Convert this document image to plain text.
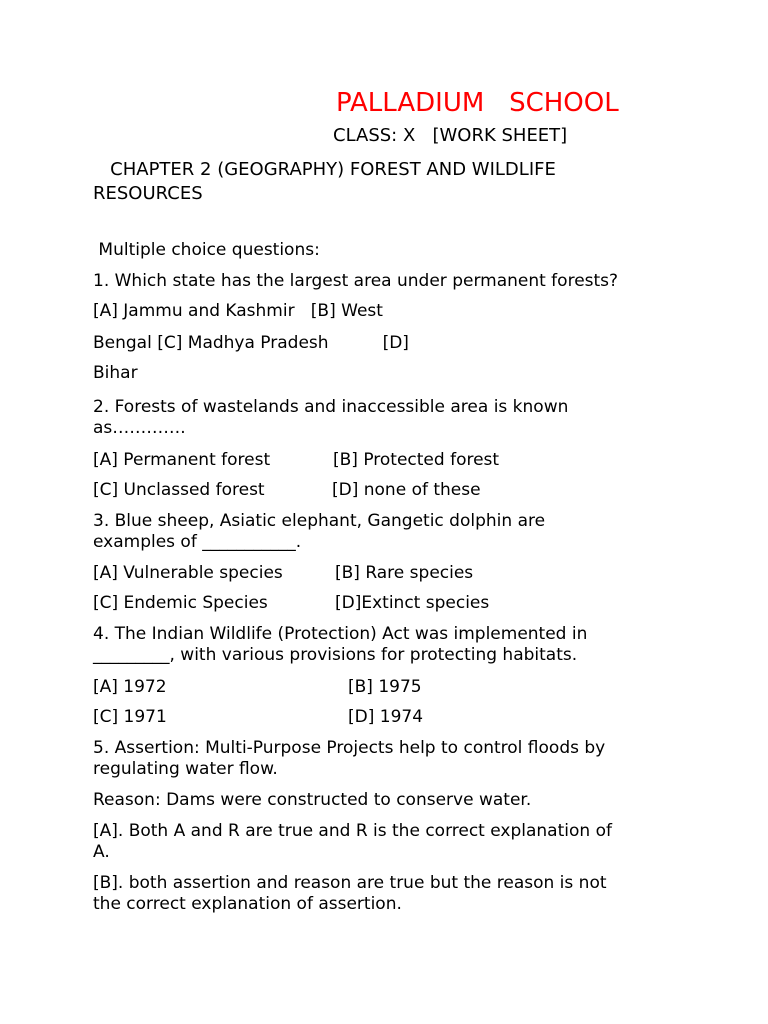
PALLADIUM   SCHOOL
CLASS: X   [WORK SHEET]
CHAPTER 2 (GEOGRAPHY) FOREST AND WILDLIFE
RESOURCES
Multiple choice questions:
1. Which state has the largest area under permanent forests?
[A] Jammu and Kashmir   [B] West
Bengal [C] Madhya Pradesh          [D]
Bihar
2. Forests of wastelands and inaccessible area is known
as………….
[A] Permanent forest	[B] Protected forest
[C] Unclassed forest	[D] none of these
3. Blue sheep, Asiatic elephant, Gangetic dolphin are
examples of ___________.
[A] Vulnerable species	[B] Rare species
[C] Endemic Species	[D]Extinct species
4. The Indian Wildlife (Protection) Act was implemented in
_________, with various provisions for protecting habitats.
[A] 1972	[B] 1975
[C] 1971	[D] 1974
5. Assertion: Multi-Purpose Projects help to control floods by
regulating water flow.
Reason: Dams were constructed to conserve water.
[A]. Both A and R are true and R is the correct explanation of
A.
[B]. both assertion and reason are true but the reason is not
the correct explanation of assertion.
